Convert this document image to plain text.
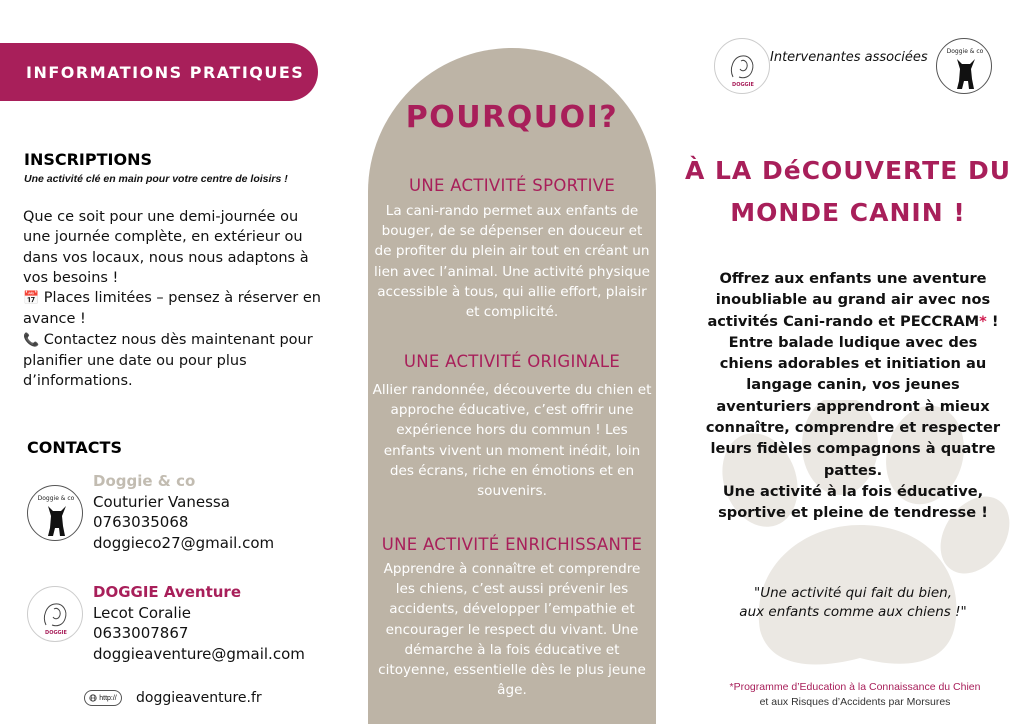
INFORMATIONS PRATIQUES
INSCRIPTIONS
Une activité clé en main pour votre centre de loisirs !

Que ce soit pour une demi-journée ou une journée complète, en extérieur ou dans vos locaux, nous nous adaptons à vos besoins !

📅 Places limitées – pensez à réserver en avance !

📞 Contactez nous dès maintenant pour planifier une date ou pour plus d’informations.

CONTACTS
Doggie & co
Doggie & co
Couturier Vanessa
0763035068
doggieco27@gmail.com
DOGGIE
DOGGIE Aventure
Lecot Coralie
0633007867
doggieaventure@gmail.com
http:// doggieaventure.fr
POURQUOI?
UNE ACTIVITÉ SPORTIVE
La cani-rando permet aux enfants de bouger, de se dépenser en douceur et de profiter du plein air tout en créant un lien avec l’animal. Une activité physique accessible à tous, qui allie effort, plaisir et complicité.
UNE ACTIVITÉ ORIGINALE
Allier randonnée, découverte du chien et approche éducative, c’est offrir une expérience hors du commun ! Les enfants vivent un moment inédit, loin des écrans, riche en émotions et en souvenirs.
UNE ACTIVITÉ ENRICHISSANTE
Apprendre à connaître et comprendre les chiens, c’est aussi prévenir les accidents, développer l’empathie et encourager le respect du vivant. Une démarche à la fois éducative et citoyenne, essentielle dès le plus jeune âge.
DOGGIE
Intervenantes associées	Doggie & co
À LA DéCOUVERTE DU
MONDE CANIN !
Offrez aux enfants une aventure inoubliable au grand air avec nos activités Cani-rando et PECCRAM* ! Entre balade ludique avec des chiens adorables et initiation au langage canin, vos jeunes aventuriers apprendront à mieux connaître, comprendre et respecter leurs fidèles compagnons à quatre pattes.
Une activité à la fois éducative, sportive et pleine de tendresse !
"Une activité qui fait du bien,
aux enfants comme aux chiens !"
*Programme d’Education à la Connaissance du Chien
et aux Risques d’Accidents par Morsures
